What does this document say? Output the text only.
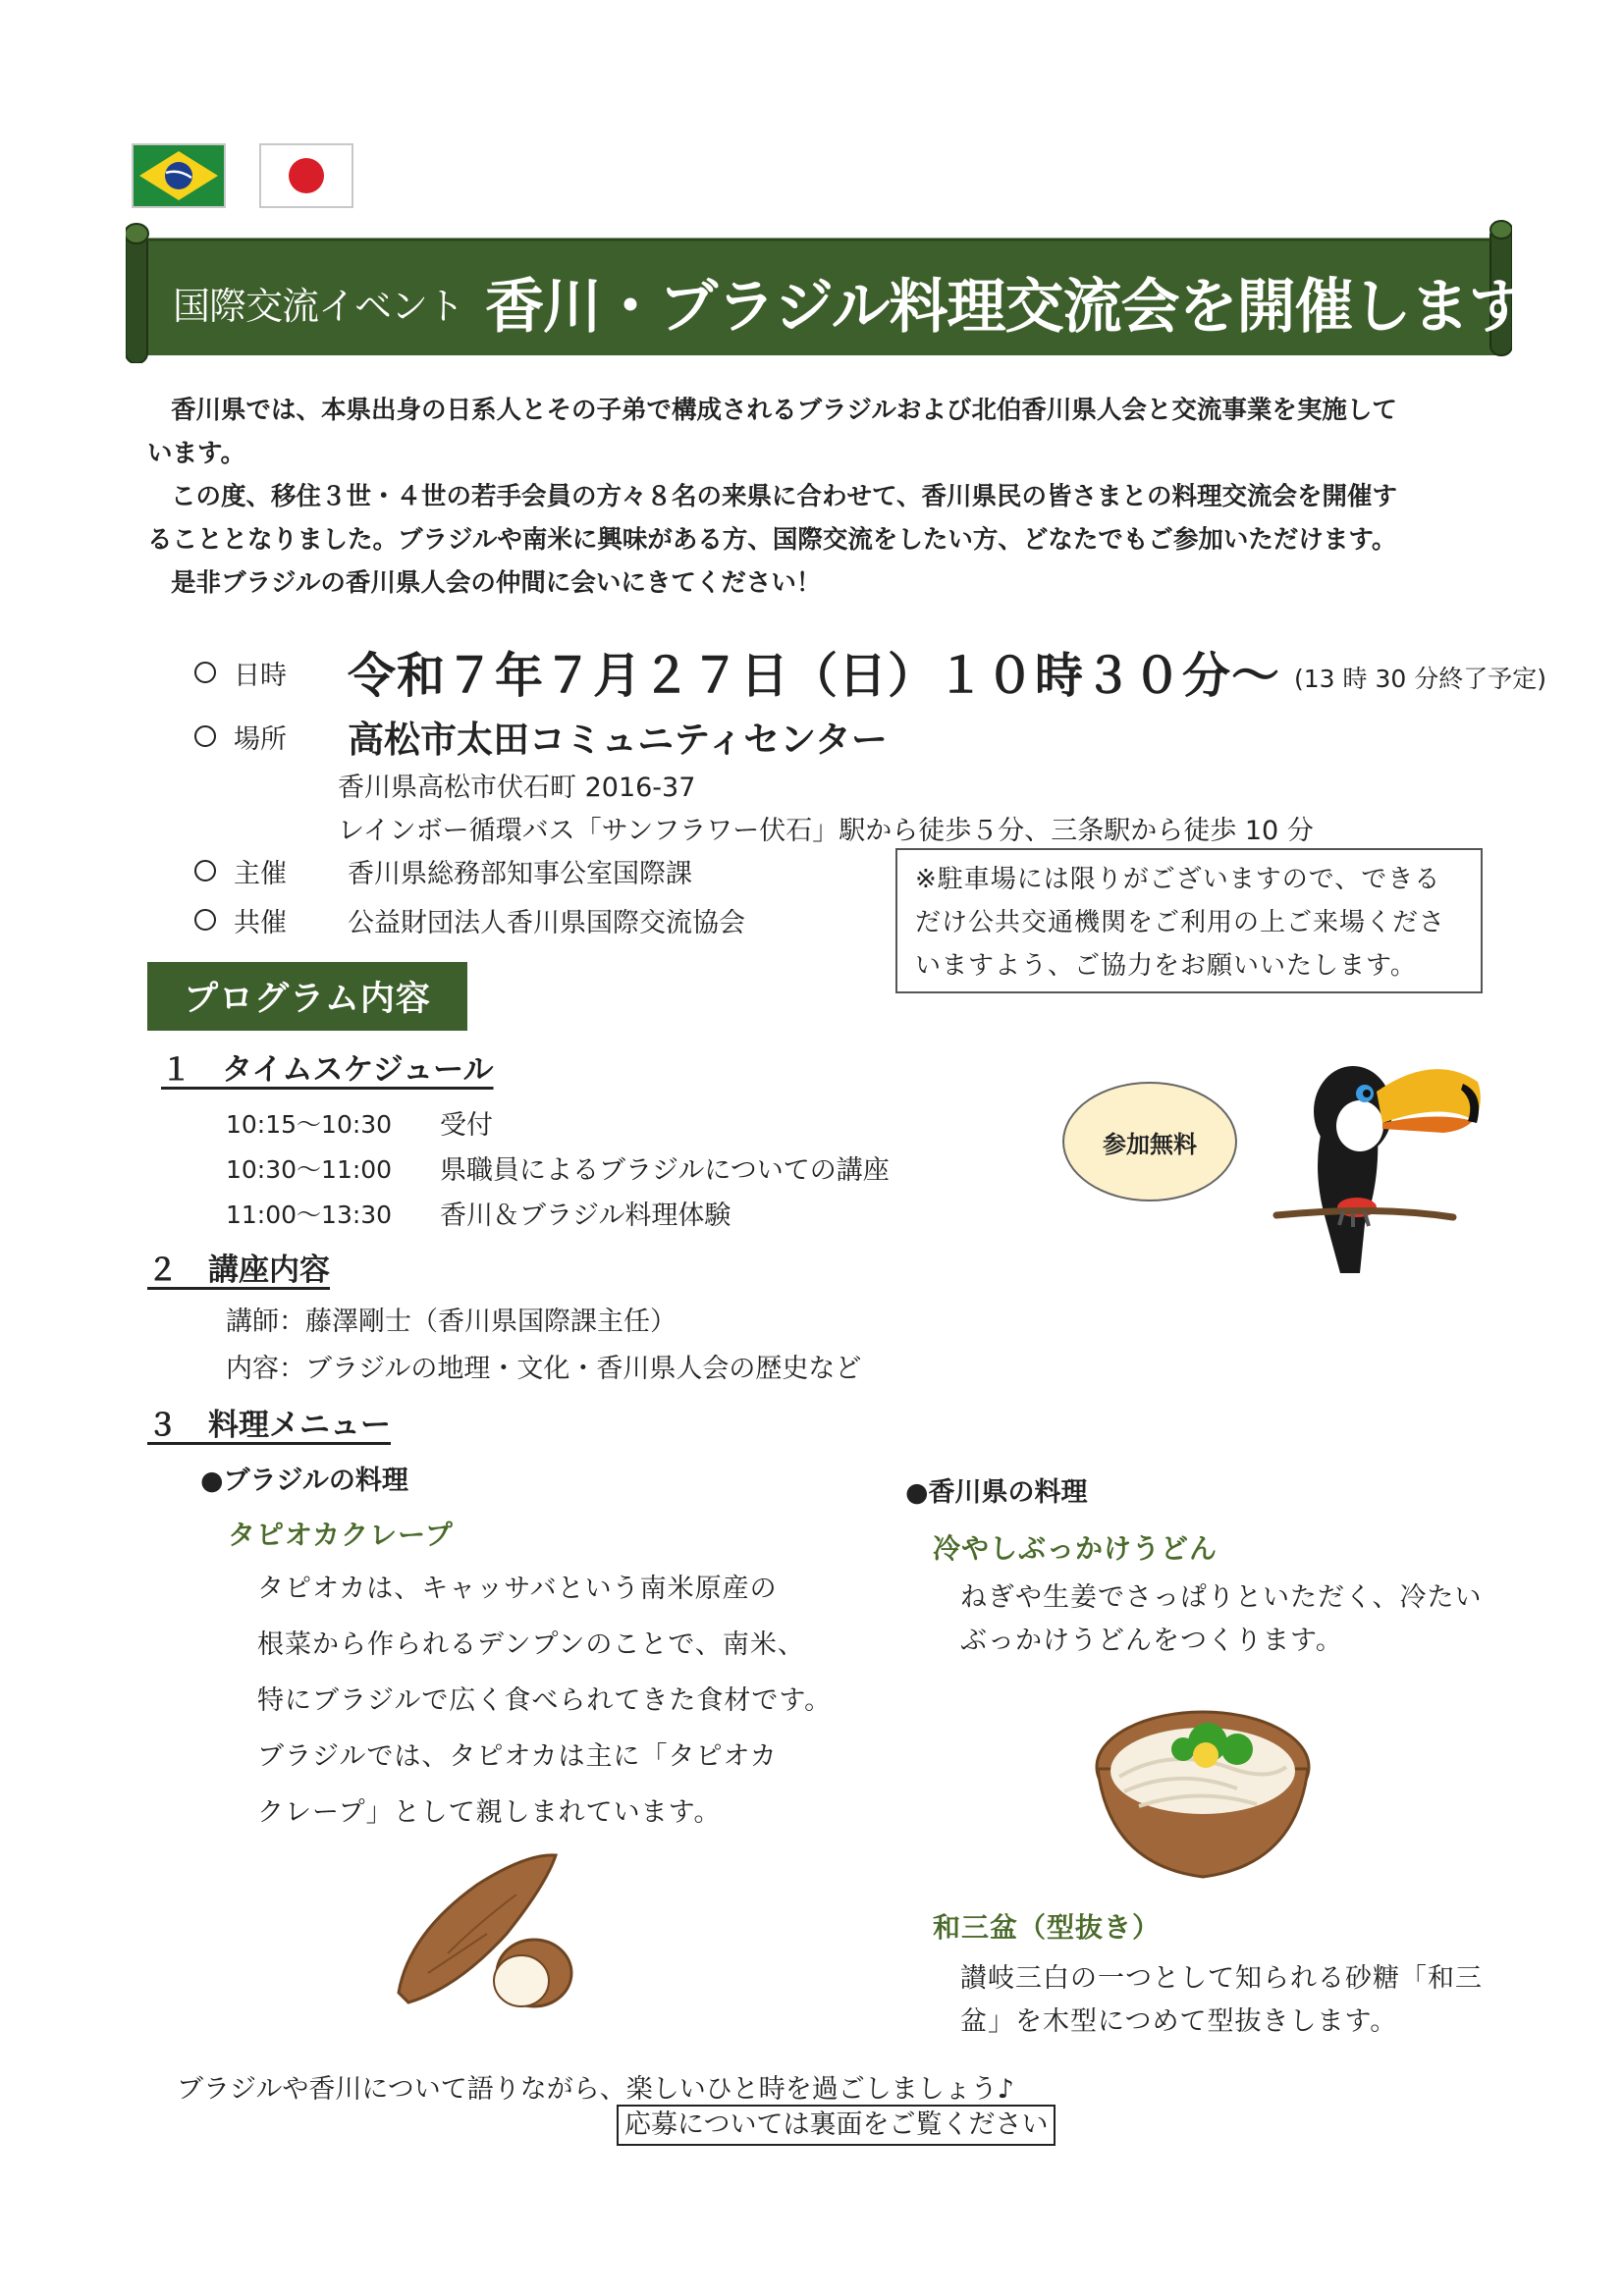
国際交流イベント 香川・ブラジル料理交流会を開催します!

香川県では、本県出身の日系人とその子弟で構成されるブラジルおよび北伯香川県人会と交流事業を実施して

います。

この度、移住３世・４世の若手会員の方々８名の来県に合わせて、香川県民の皆さまとの料理交流会を開催す

ることとなりました。ブラジルや南米に興味がある方、国際交流をしたい方、どなたでもご参加いただけます。

是非ブラジルの香川県人会の仲間に会いにきてください！

日時	令和７年７月２７日（日）１０時３０分～ (13 時 30 分終了予定)
場所	高松市太田コミュニティセンター
香川県高松市伏石町 2016-37
レインボー循環バス「サンフラワー伏石」駅から徒歩５分、三条駅から徒歩 10 分
主催	香川県総務部知事公室国際課
共催	公益財団法人香川県国際交流協会
※駐車場には限りがございますので、できる
だけ公共交通機関をご利用の上ご来場くださ
いますよう、ご協力をお願いいたします。
プログラム内容
１　タイムスケジュール
10:15～10:30 受付
10:30～11:00 県職員によるブラジルについての講座
11:00～13:30 香川＆ブラジル料理体験
参加無料
２　講座内容
講師：藤澤剛士（香川県国際課主任）
内容：ブラジルの地理・文化・香川県人会の歴史など
３　料理メニュー
●ブラジルの料理
タピオカクレープ
タピオカは、キャッサバという南米原産の
根菜から作られるデンプンのことで、南米、
特にブラジルで広く食べられてきた食材です。
ブラジルでは、タピオカは主に「タピオカ
クレープ」として親しまれています。
●香川県の料理
冷やしぶっかけうどん
ねぎや生姜でさっぱりといただく、冷たい
ぶっかけうどんをつくります。
和三盆（型抜き）
讃岐三白の一つとして知られる砂糖「和三
盆」を木型につめて型抜きします。
ブラジルや香川について語りながら、楽しいひと時を過ごしましょう♪
応募については裏面をご覧ください
